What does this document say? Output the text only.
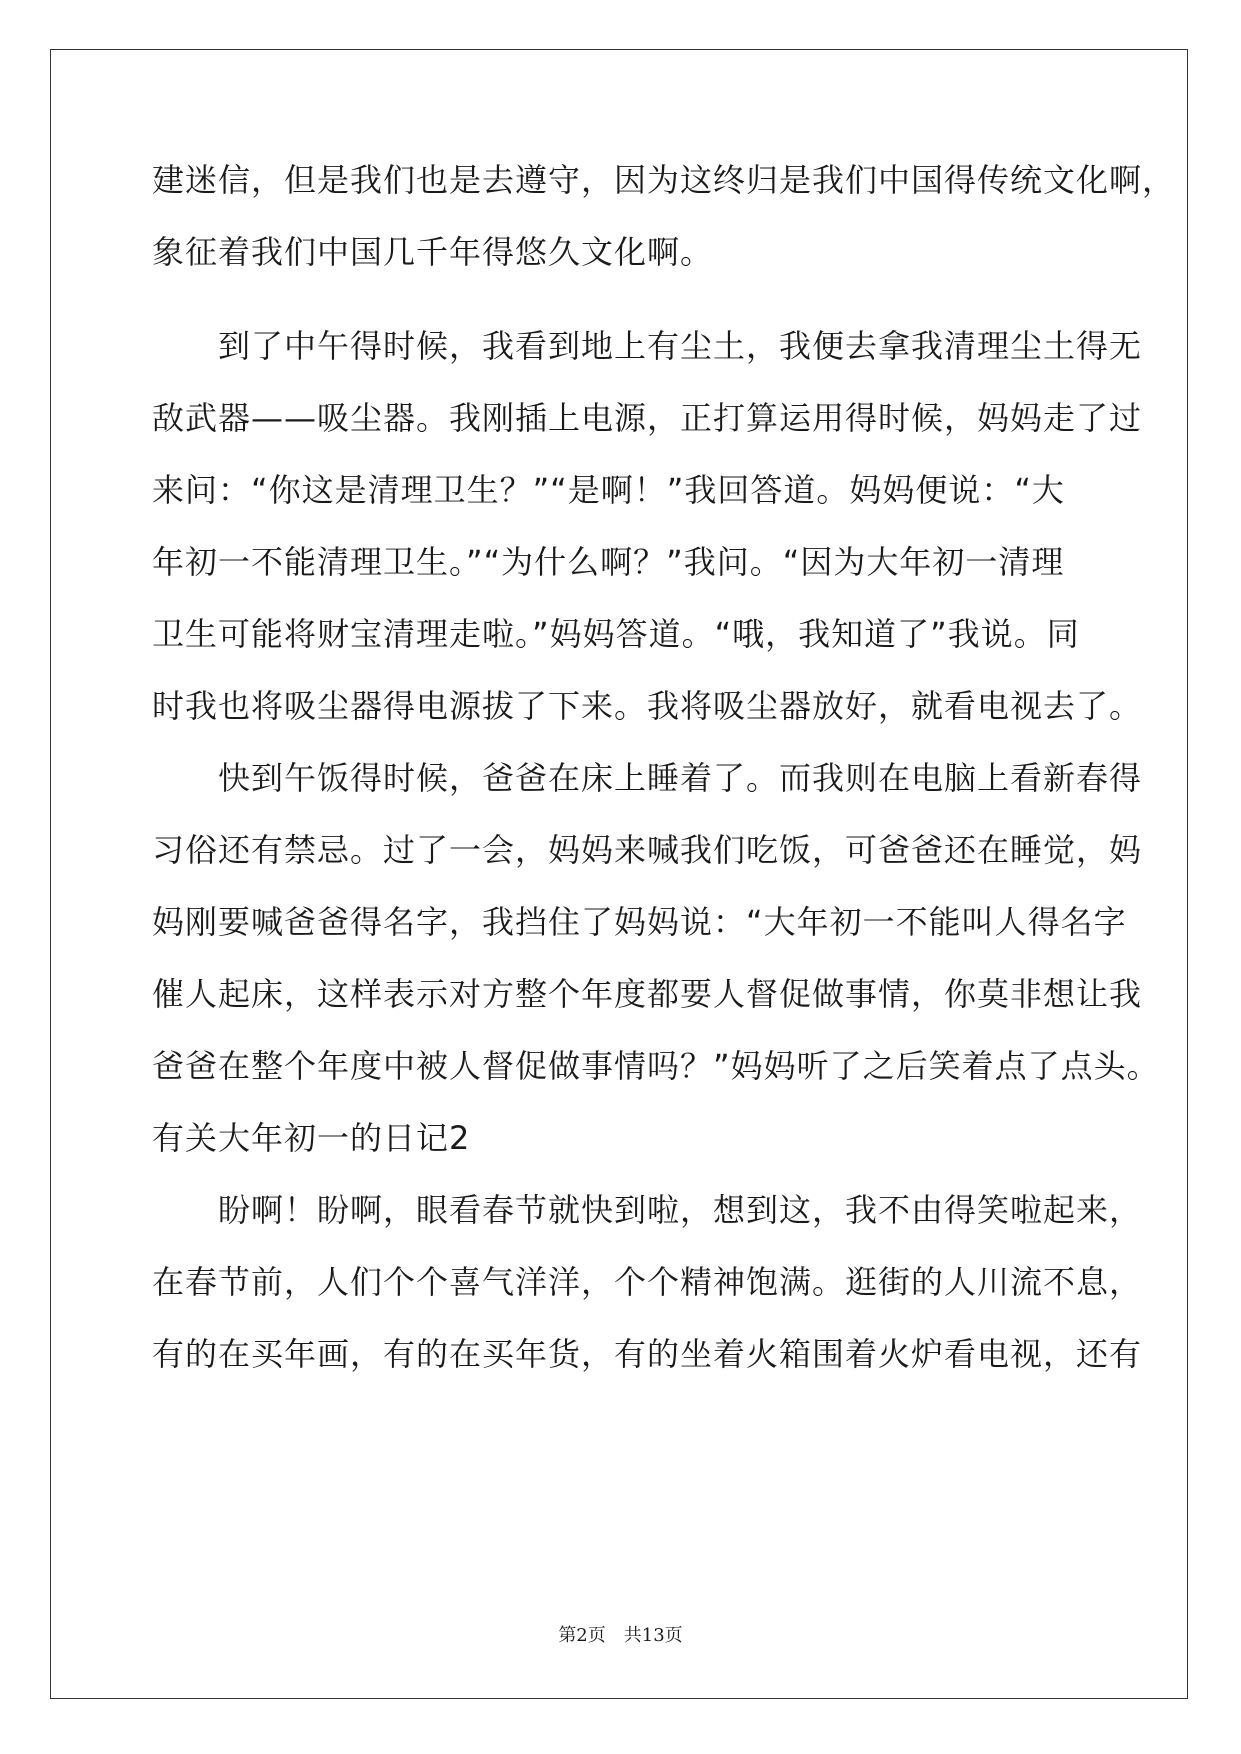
建迷信，但是我们也是去遵守，因为这终归是我们中国得传统文化啊，

象征着我们中国几千年得悠久文化啊。

　　到了中午得时候，我看到地上有尘土，我便去拿我清理尘土得无

敌武器——吸尘器。我刚插上电源，正打算运用得时候，妈妈走了过

来问：“你这是清理卫生？”“是啊！”我回答道。妈妈便说：“大

年初一不能清理卫生。”“为什么啊？”我问。“因为大年初一清理

卫生可能将财宝清理走啦。”妈妈答道。“哦，我知道了”我说。同

时我也将吸尘器得电源拔了下来。我将吸尘器放好，就看电视去了。

　　快到午饭得时候，爸爸在床上睡着了。而我则在电脑上看新春得

习俗还有禁忌。过了一会，妈妈来喊我们吃饭，可爸爸还在睡觉，妈

妈刚要喊爸爸得名字，我挡住了妈妈说：“大年初一不能叫人得名字

催人起床，这样表示对方整个年度都要人督促做事情，你莫非想让我

爸爸在整个年度中被人督促做事情吗？”妈妈听了之后笑着点了点头。

有关大年初一的日记2

　　盼啊！盼啊，眼看春节就快到啦，想到这，我不由得笑啦起来，

在春节前，人们个个喜气洋洋，个个精神饱满。逛街的人川流不息，

有的在买年画，有的在买年货，有的坐着火箱围着火炉看电视，还有

第2页 共13页
